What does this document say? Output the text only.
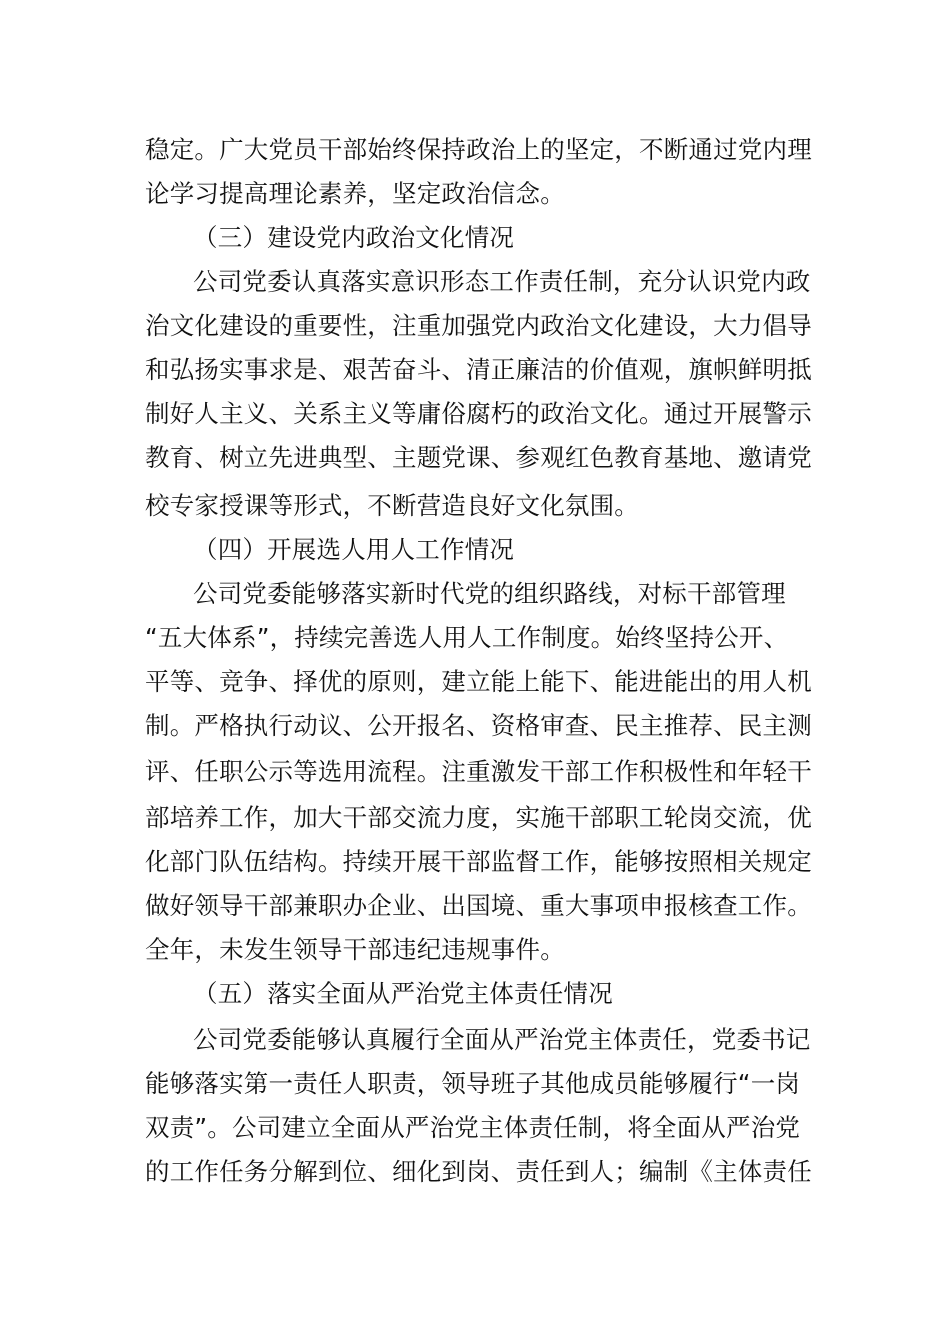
稳定。广大党员干部始终保持政治上的坚定，不断通过党内理
论学习提高理论素养，坚定政治信念。
（三）建设党内政治文化情况
公司党委认真落实意识形态工作责任制，充分认识党内政
治文化建设的重要性，注重加强党内政治文化建设，大力倡导
和弘扬实事求是、艰苦奋斗、清正廉洁的价值观，旗帜鲜明抵
制好人主义、关系主义等庸俗腐朽的政治文化。通过开展警示
教育、树立先进典型、主题党课、参观红色教育基地、邀请党
校专家授课等形式，不断营造良好文化氛围。
（四）开展选人用人工作情况
公司党委能够落实新时代党的组织路线，对标干部管理
“五大体系”，持续完善选人用人工作制度。始终坚持公开、
平等、竞争、择优的原则，建立能上能下、能进能出的用人机
制。严格执行动议、公开报名、资格审查、民主推荐、民主测
评、任职公示等选用流程。注重激发干部工作积极性和年轻干
部培养工作，加大干部交流力度，实施干部职工轮岗交流，优
化部门队伍结构。持续开展干部监督工作，能够按照相关规定
做好领导干部兼职办企业、出国境、重大事项申报核查工作。
全年，未发生领导干部违纪违规事件。
（五）落实全面从严治党主体责任情况
公司党委能够认真履行全面从严治党主体责任，党委书记
能够落实第一责任人职责，领导班子其他成员能够履行“一岗
双责”。公司建立全面从严治党主体责任制，将全面从严治党
的工作任务分解到位、细化到岗、责任到人；编制《主体责任
